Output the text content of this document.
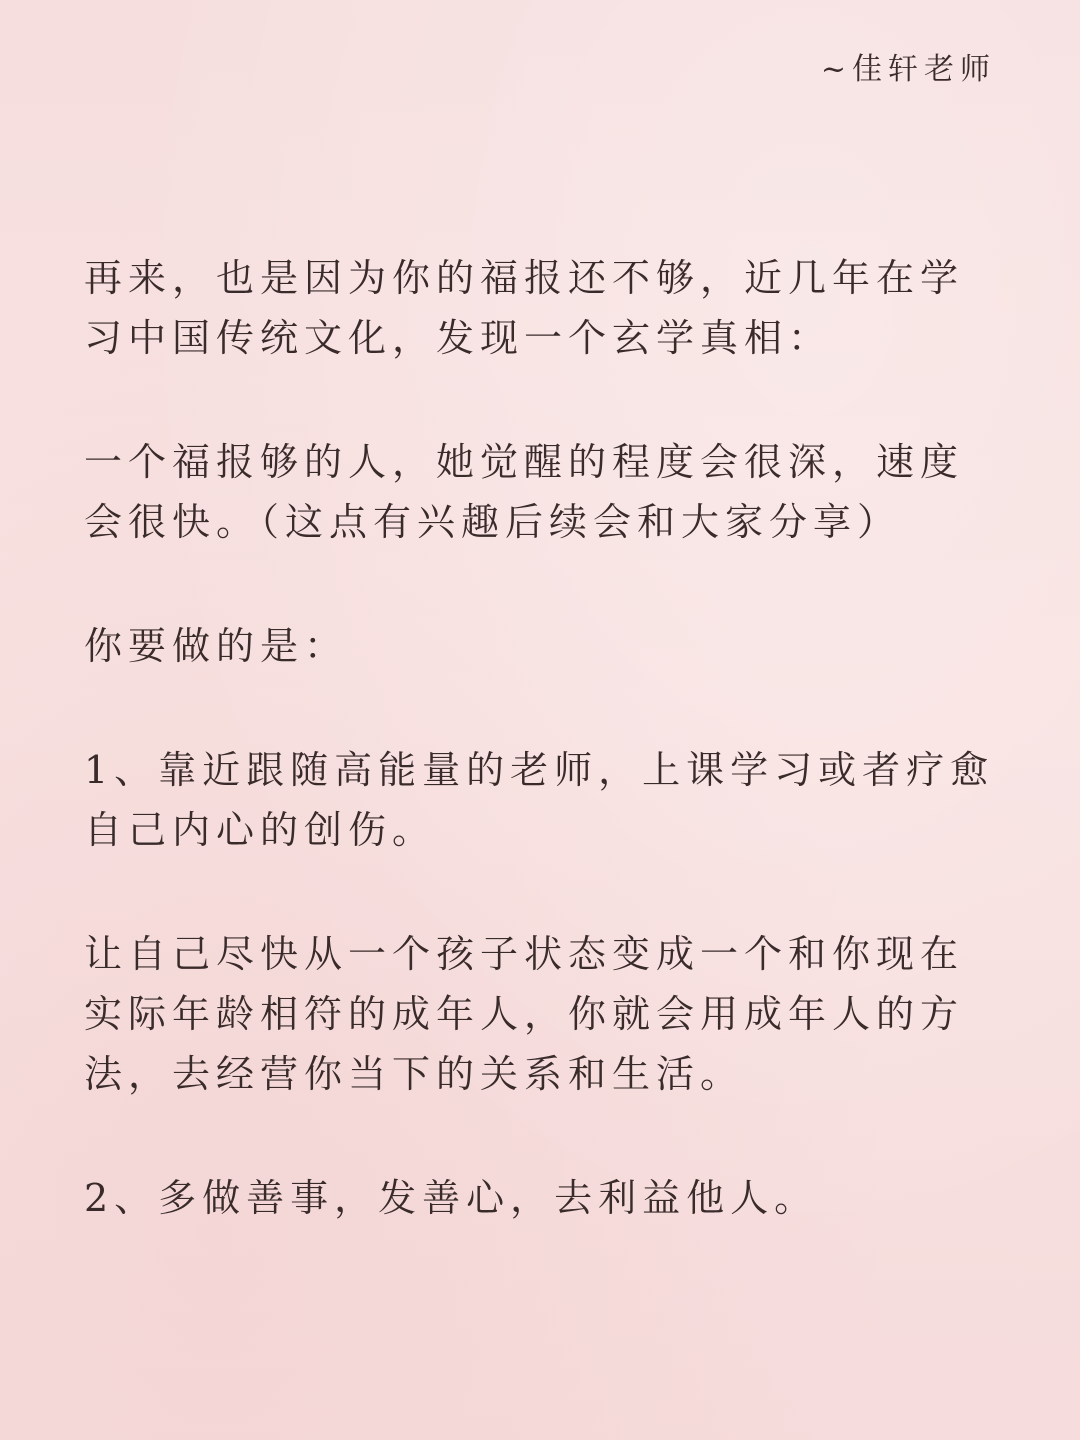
~佳轩老师

再来，也是因为你的福报还不够，近几年在学
习中国传统文化，发现一个玄学真相：

一个福报够的人，她觉醒的程度会很深，速度
会很快。（这点有兴趣后续会和大家分享）

你要做的是：

1、靠近跟随高能量的老师，上课学习或者疗愈
自己内心的创伤。

让自己尽快从一个孩子状态变成一个和你现在
实际年龄相符的成年人，你就会用成年人的方
法，去经营你当下的关系和生活。

2、多做善事，发善心，去利益他人。
